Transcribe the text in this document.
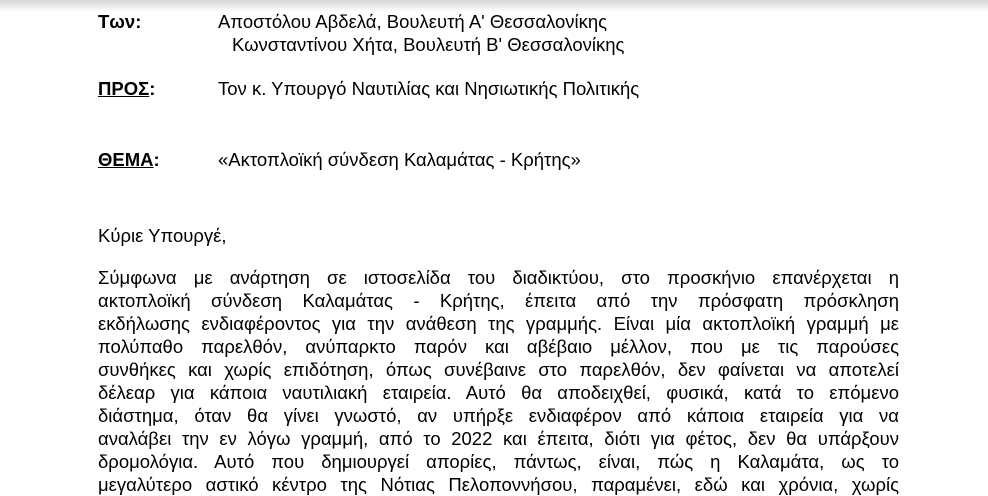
Των:	Αποστόλου Αβδελά, Βουλευτή Α' Θεσσαλονίκης
Κωνσταντίνου Χήτα, Βουλευτή Β' Θεσσαλονίκης
ΠΡΟΣ:	Τον κ. Υπουργό Ναυτιλίας και Νησιωτικής Πολιτικής
ΘΕΜΑ:	«Ακτοπλοϊκή σύνδεση Καλαμάτας - Κρήτης»
Κύριε Υπουργέ,
Σύμφωνα με ανάρτηση σε ιστοσελίδα του διαδικτύου, στο προσκήνιο επανέρχεται η
ακτοπλοϊκή σύνδεση Καλαμάτας - Κρήτης, έπειτα από την πρόσφατη πρόσκληση
εκδήλωσης ενδιαφέροντος για την ανάθεση της γραμμής. Είναι μία ακτοπλοϊκή γραμμή με
πολύπαθο παρελθόν, ανύπαρκτο παρόν και αβέβαιο μέλλον, που με τις παρούσες
συνθήκες και χωρίς επιδότηση, όπως συνέβαινε στο παρελθόν, δεν φαίνεται να αποτελεί
δέλεαρ για κάποια ναυτιλιακή εταιρεία. Αυτό θα αποδειχθεί, φυσικά, κατά το επόμενο
διάστημα, όταν θα γίνει γνωστό, αν υπήρξε ενδιαφέρον από κάποια εταιρεία για να
αναλάβει την εν λόγω γραμμή, από το 2022 και έπειτα, διότι για φέτος, δεν θα υπάρξουν
δρομολόγια. Αυτό που δημιουργεί απορίες, πάντως, είναι, πώς η Καλαμάτα, ως το
μεγαλύτερο αστικό κέντρο της Νότιας Πελοποννήσου, παραμένει, εδώ και χρόνια, χωρίς
